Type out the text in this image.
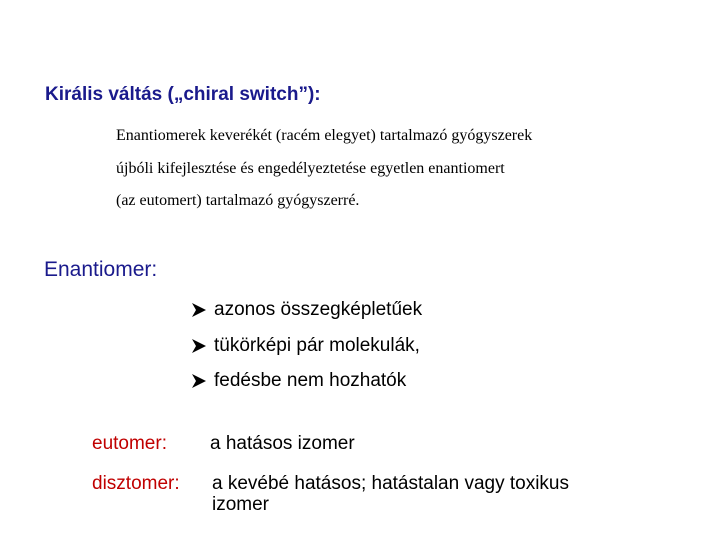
Királis váltás („chiral switch”):
Enantiomerek keverékét (racém elegyet) tartalmazó gyógyszerek
újbóli kifejlesztése és engedélyeztetése egyetlen enantiomert
(az eutomert) tartalmazó gyógyszerré.
Enantiomer:
azonos összegképletűek
tükörképi pár molekulák,
fedésbe nem hozhatók
eutomer: a hatásos izomer
disztomer: a kevébé hatásos; hatástalan vagy toxikus
izomer
